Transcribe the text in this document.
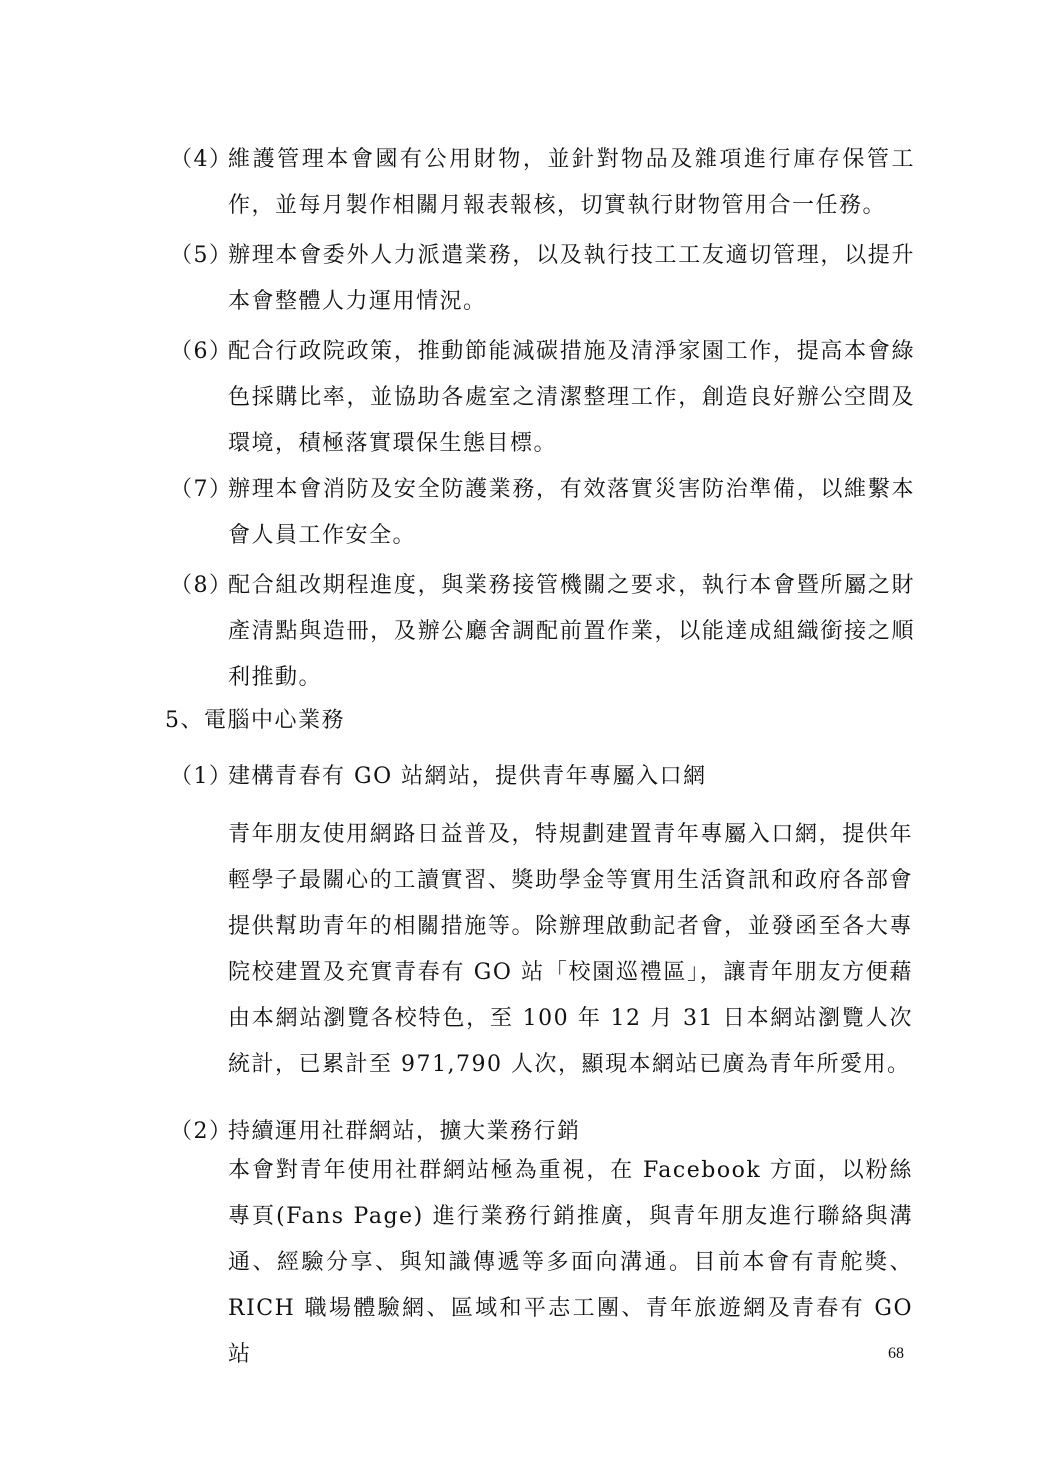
（4）
維護管理本會國有公用財物，並針對物品及雜項進行庫存保管工作，並每月製作相關月報表報核，切實執行財物管用合一任務。
（5）
辦理本會委外人力派遣業務，以及執行技工工友適切管理，以提升本會整體人力運用情況。
（6）
配合行政院政策，推動節能減碳措施及清淨家園工作，提高本會綠色採購比率，並協助各處室之清潔整理工作，創造良好辦公空間及環境，積極落實環保生態目標。
（7）
辦理本會消防及安全防護業務，有效落實災害防治準備，以維繫本會人員工作安全。
（8）
配合組改期程進度，與業務接管機關之要求，執行本會暨所屬之財產清點與造冊，及辦公廳舍調配前置作業，以能達成組織銜接之順利推動。
5、電腦中心業務
（1）
建構青春有 GO 站網站，提供青年專屬入口網
青年朋友使用網路日益普及，特規劃建置青年專屬入口網，提供年輕學子最關心的工讀實習、獎助學金等實用生活資訊和政府各部會提供幫助青年的相關措施等。除辦理啟動記者會，並發函至各大專院校建置及充實青春有 GO 站「校園巡禮區」，讓青年朋友方便藉由本網站瀏覽各校特色，至 100 年 12 月 31 日本網站瀏覽人次統計，已累計至 971,790 人次，顯現本網站已廣為青年所愛用。
（2）
持續運用社群網站，擴大業務行銷
本會對青年使用社群網站極為重視，在 Facebook 方面，以粉絲專頁(Fans Page) 進行業務行銷推廣，與青年朋友進行聯絡與溝通、經驗分享、與知識傳遞等多面向溝通。目前本會有青舵獎、RICH 職場體驗網、區域和平志工團、青年旅遊網及青春有 GO 站	68
